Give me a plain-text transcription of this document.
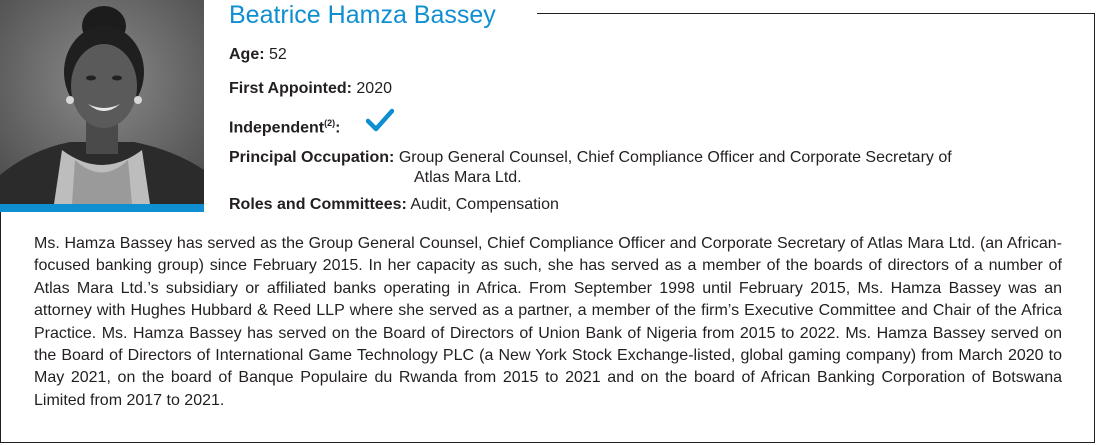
Beatrice Hamza Bassey
Age: 52
First Appointed: 2020
Independent$^{(2)}$:
Principal Occupation: Group General Counsel, Chief Compliance Officer and Corporate Secretary of
Atlas Mara Ltd.
Roles and Committees: Audit, Compensation

Ms. Hamza Bassey has served as the Group General Counsel, Chief Compliance Officer and Corporate Secretary of Atlas Mara Ltd. (an African-focused banking group) since February 2015. In her capacity as such, she has served as a member of the boards of directors of a number of Atlas Mara Ltd.’s subsidiary or affiliated banks operating in Africa. From September 1998 until February 2015, Ms. Hamza Bassey was an attorney with Hughes Hubbard & Reed LLP where she served as a partner, a member of the firm’s Executive Committee and Chair of the Africa Practice. Ms. Hamza Bassey has served on the Board of Directors of Union Bank of Nigeria from 2015 to 2022. Ms. Hamza Bassey served on the Board of Directors of International Game Technology PLC (a New York Stock Exchange-listed, global gaming company) from March 2020 to May 2021, on the board of Banque Populaire du Rwanda from 2015 to 2021 and on the board of African Banking Corporation of Botswana Limited from 2017 to 2021.
